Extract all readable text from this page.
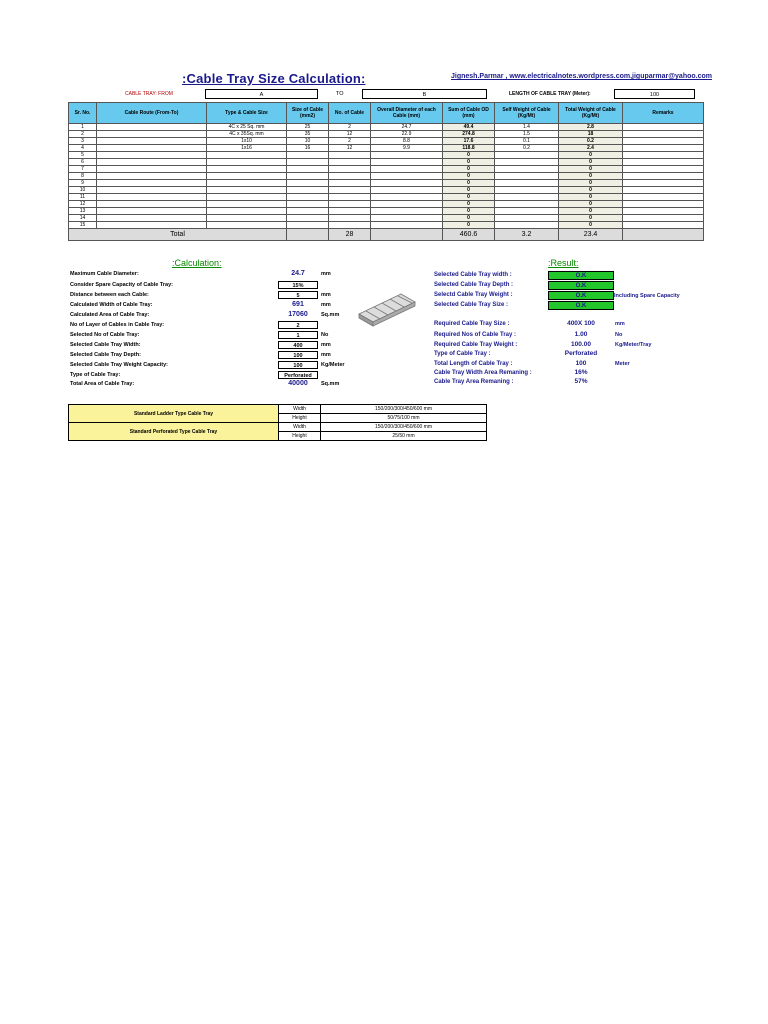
:Cable Tray Size Calculation:	Jignesh.Parmar , www.electricalnotes.wordpress.com,jiguparmar@yahoo.com
CABLE TRAY: FROM	A	TO	B	LENGTH OF CABLE TRAY (Meter):	100
Sr. No.	Cable Route (From-To)	Type & Cable Size	Size of Cable (mm2)	No. of Cable	Overall Diameter of each Cable (mm)	Sum of Cable OD (mm)	Self Weight of Cable (Kg/Mt)	Total Weight of Cable (Kg/Mt)	Remarks
1		4C x 25 Sq. mm	25	2	24.7	49.4	1.4	2.8	
2		4C x 35Sq. mm	35	12	22.9	274.8	1.5	18	
3		1x10	10	2	8.8	17.6	0.1	0.2	
4		1x16	16	12	9.9	118.8	0.2	2.4	
5						0		0	
6						0		0	
7						0		0	
8						0		0	
9						0		0	
10						0		0	
11						0		0	
12						0		0	
13						0		0	
14						0		0	
15						0		0	
Total				28		460.6	3.2	23.4	
:Calculation:
Maximum Cable Diameter:	24.7	mm
Consider Spare Capacity of Cable Tray:	15%
Distance between each Cable:	5	mm
Calculated Width of Cable Tray:	691	mm
Calculated Area of Cable Tray:	17060	Sq.mm
No of Layer of Cables in Cable Tray:	2
Selected No of Cable Tray:	1	No
Selected Cable Tray Width:	400	mm
Selected Cable Tray Depth:	100	mm
Selected Cable Tray Weight Capacity:	100	Kg/Meter
Type of Cable Tray:	Perforated
Total Area of Cable Tray:	40000	Sq.mm
:Result:
Selected Cable Tray width :	O.K
Selected Cable Tray Depth :	O.K
Selectd Cable Tray Weight :	O.K
Selected Cable Tray Size :	O.K
Required Cable Tray Size :	400X 100	mm
Required Nos of Cable Tray :	1.00	No
Required Cable Tray Weight :	100.00	Kg/Meter/Tray
Type of Cable Tray :	Perforated
Total Length of Cable Tray :	100	Meter
Cable Tray Width Area Remaning :	16%
Cable Tray Area Remaning :	57%
Including Spare Capacity
Standard Ladder Type Cable Tray	Width	150/200/300/450/600 mm
	Height	50/75/100 mm
Standard Perforated Type Cable Tray	Width	150/200/300/450/600 mm
	Height	25/50 mm
